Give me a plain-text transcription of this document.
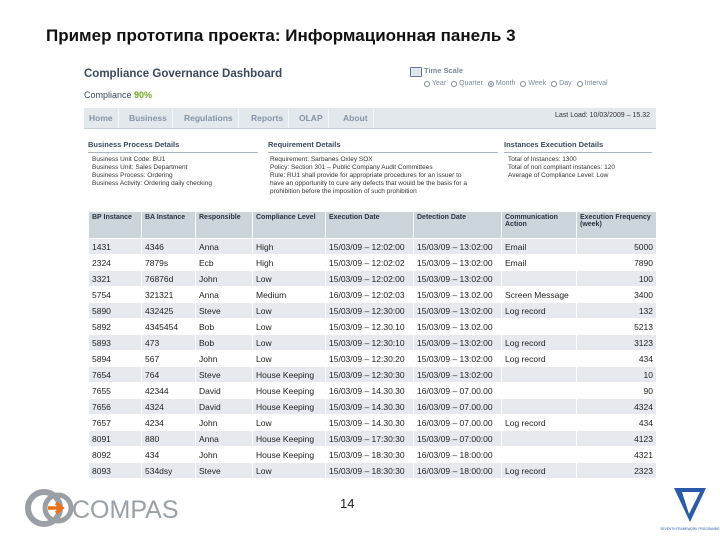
Пример прототипа проекта: Информационная панель 3
Compliance Governance Dashboard
Compliance 90%
Time Scale
Year Quarter Month Week Day Interval
Home	Business	Regulations	Reports	OLAP	About	Last Load: 10/03/2009 – 15.32
Business Process Details	Requirement Details	Instances Execution Details
Business Unit Code: BU1
Business Unit: Sales Department
Business Process: Ordering
Business Activity: Ordering daily checking
Requirement: Sarbanes Oxley SOX
Policy: Section 301 – Public Company Audit Committees
Rule: RU1 shall provide for appropriate procedures for an issuer to
have an opportunity to cure any defects that would be the basis for a
prohibition before the imposition of such prohibition
Total of Instances: 1300
Total of non compliant instances: 120
Average of Compliance Level: Low
BP Instance	BA Instance	Responsible	Compliance Level	Execution Date	Detection Date	Communication Action	Execution Frequency (week)
1431	4346	Anna	High	15/03/09 – 12:02:00	15/03/09 – 13:02:00	Email	5000
2324	7879s	Ecb	High	15/03/09 – 12:02:02	15/03/09 – 13:02:00	Email	7890
3321	76876d	John	Low	15/03/09 – 12:02:00	15/03/09 – 13:02:00		100
5754	321321	Anna	Medium	16/03/09 – 12:02:03	15/03/09 – 13.02.00	Screen Message	3400
5890	432425	Steve	Low	15/03/09 – 12:30:00	15/03/09 – 13:02:00	Log record	132
5892	4345454	Bob	Low	15/03/09 – 12.30.10	15/03/09 – 13.02.00		5213
5893	473	Bob	Low	15/03/09 – 12:30:10	15/03/09 – 13:02:00	Log record	3123
5894	567	John	Low	15/03/09 – 12:30:20	15/03/09 – 13:02:00	Log record	434
7654	764	Steve	House Keeping	15/03/09 – 12:30:30	15/03/09 – 13:02:00		10
7655	42344	David	House Keeping	16/03/09 – 14.30.30	16/03/09 – 07.00.00		90
7656	4324	David	House Keeping	15/03/09 – 14.30.30	16/03/09 – 07.00.00		4324
7657	4234	John	Low	15/03/09 – 14.30.30	16/03/09 – 07.00.00	Log record	434
8091	880	Anna	House Keeping	15/03/09 – 17:30:30	15/03/09 – 07:00:00		4123
8092	434	John	House Keeping	15/03/09 – 18:30:30	16/03/09 – 18:00:00		4321
8093	534dsy	Steve	Low	15/03/09 – 18:30:30	16/03/09 – 18:00:00	Log record	2323
COMPAS	14
SEVENTH FRAMEWORK PROGRAMME
